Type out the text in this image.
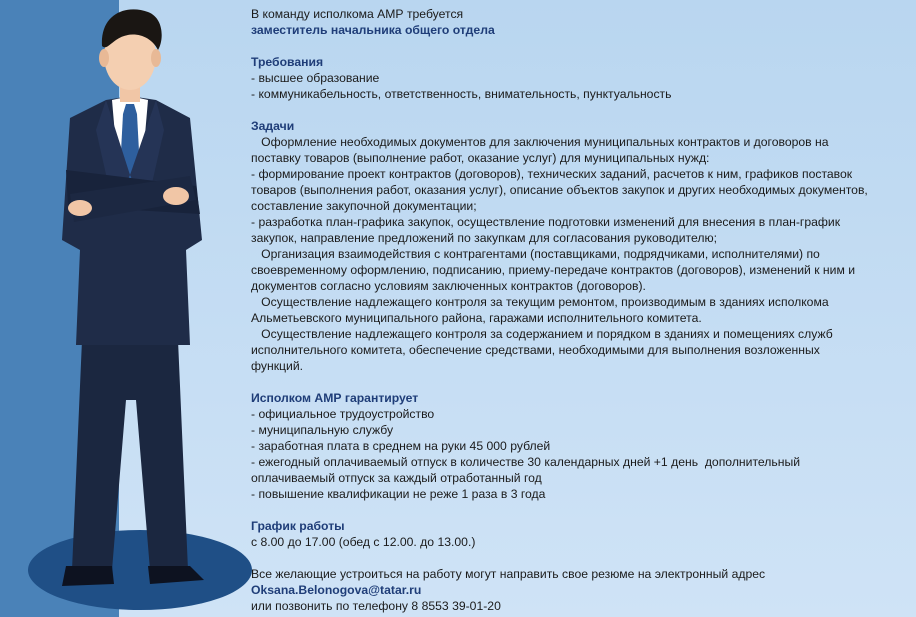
В команду исполкома АМР требуется
заместитель начальника общего отдела
Требования
- высшее образование
- коммуникабельность, ответственность, внимательность, пунктуальность
Задачи
Оформление необходимых документов для заключения муниципальных контрактов и договоров на
поставку товаров (выполнение работ, оказание услуг) для муниципальных нужд:
- формирование проект контрактов (договоров), технических заданий, расчетов к ним, графиков поставок
товаров (выполнения работ, оказания услуг), описание объектов закупок и других необходимых документов,
составление закупочной документации;
- разработка план-графика закупок, осуществление подготовки изменений для внесения в план-график
закупок, направление предложений по закупкам для согласования руководителю;
Организация взаимодействия с контрагентами (поставщиками, подрядчиками, исполнителями) по
своевременному оформлению, подписанию, приему-передаче контрактов (договоров), изменений к ним и
документов согласно условиям заключенных контрактов (договоров).
Осуществление надлежащего контроля за текущим ремонтом, производимым в зданиях исполкома
Альметьевского муниципального района, гаражами исполнительного комитета.
Осуществление надлежащего контроля за содержанием и порядком в зданиях и помещениях служб
исполнительного комитета, обеспечение средствами, необходимыми для выполнения возложенных
функций.
Исполком АМР гарантирует
- официальное трудоустройство
- муниципальную службу
- заработная плата в среднем на руки 45 000 рублей
- ежегодный оплачиваемый отпуск в количестве 30 календарных дней +1 день  дополнительный
оплачиваемый отпуск за каждый отработанный год
- повышение квалификации не реже 1 раза в 3 года
График работы
с 8.00 до 17.00 (обед с 12.00. до 13.00.)
Все желающие устроиться на работу могут направить свое резюме на электронный адрес
Oksana.Belonogova@tatar.ru
или позвонить по телефону 8 8553 39-01-20
